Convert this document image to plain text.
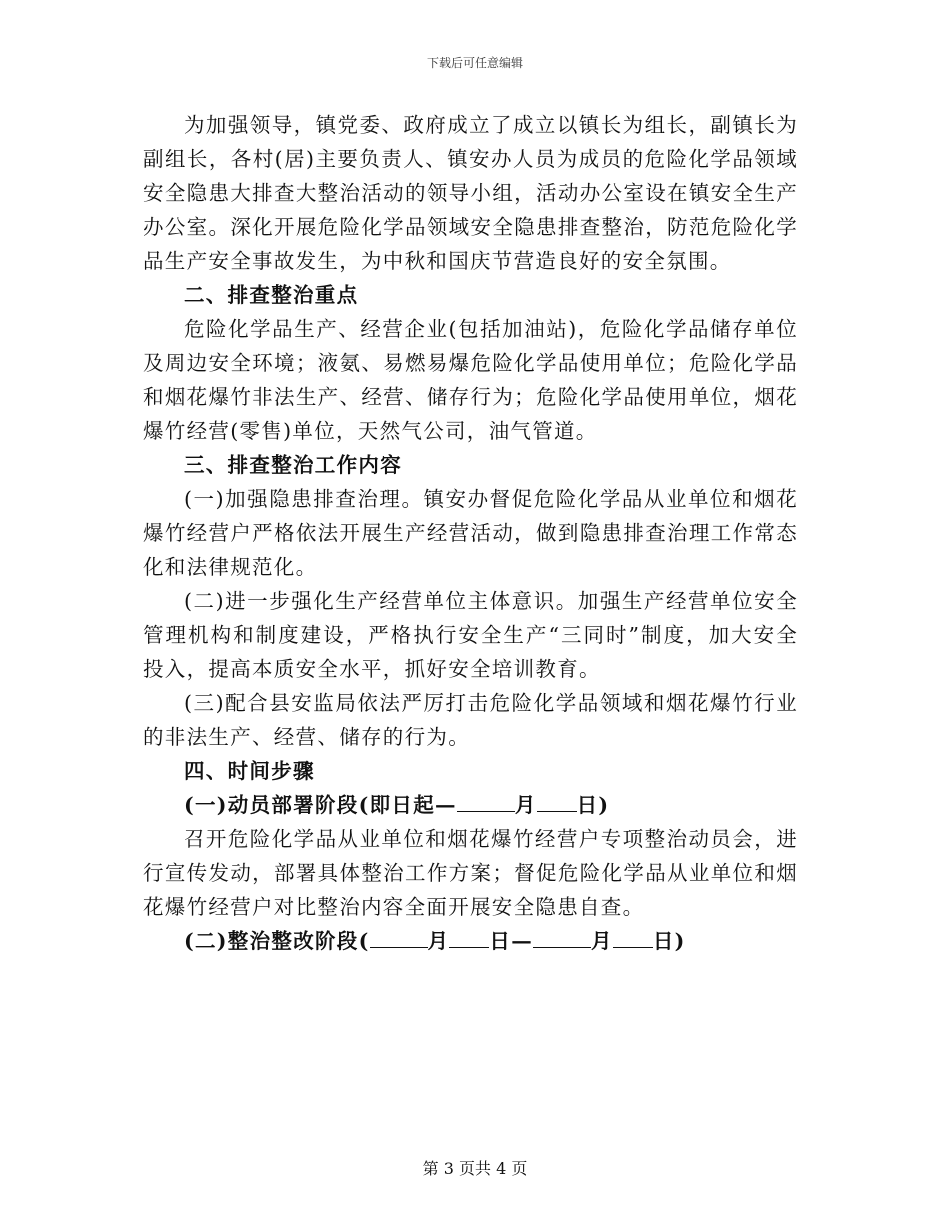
下载后可任意编辑

为加强领导，镇党委、政府成立了成立以镇长为组长，副镇长为副组长，各村(居)主要负责人、镇安办人员为成员的危险化学品领域安全隐患大排查大整治活动的领导小组，活动办公室设在镇安全生产办公室。深化开展危险化学品领域安全隐患排查整治，防范危险化学品生产安全事故发生，为中秋和国庆节营造良好的安全氛围。

二、排查整治重点

危险化学品生产、经营企业(包括加油站)，危险化学品储存单位及周边安全环境；液氨、易燃易爆危险化学品使用单位；危险化学品和烟花爆竹非法生产、经营、储存行为；危险化学品使用单位，烟花爆竹经营(零售)单位，天然气公司，油气管道。

三、排查整治工作内容

(一)加强隐患排查治理。镇安办督促危险化学品从业单位和烟花爆竹经营户严格依法开展生产经营活动，做到隐患排查治理工作常态化和法律规范化。

(二)进一步强化生产经营单位主体意识。加强生产经营单位安全管理机构和制度建设，严格执行安全生产“三同时”制度，加大安全投入，提高本质安全水平，抓好安全培训教育。

(三)配合县安监局依法严厉打击危险化学品领域和烟花爆竹行业的非法生产、经营、储存的行为。

四、时间步骤

(一)动员部署阶段(即日起—	月 日)

召开危险化学品从业单位和烟花爆竹经营户专项整治动员会，进行宣传发动，部署具体整治工作方案；督促危险化学品从业单位和烟花爆竹经营户对比整治内容全面开展安全隐患自查。

(二)整治整改阶段(	月 日—	月 日)

第 3 页共 4 页
